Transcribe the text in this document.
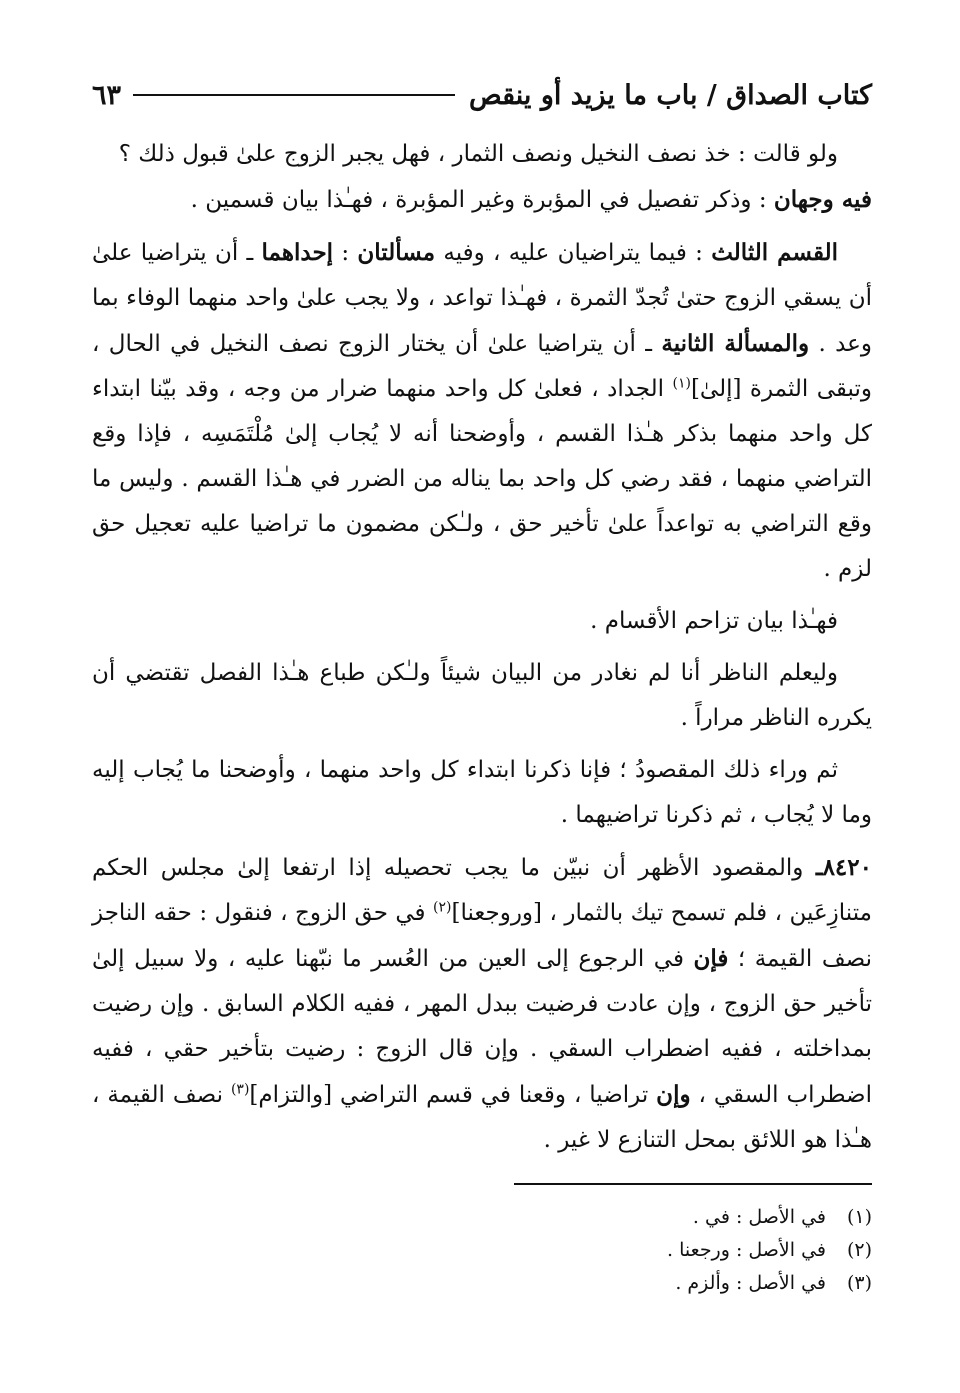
كتاب الصداق / باب ما يزيد أو ينقص
٦٣

ولو قالت : خذ نصف النخيل ونصف الثمار ، فهل يجبر الزوج علىٰ قبول ذلك ؟
فيه وجهان : وذكر تفصيل في المؤبرة وغير المؤبرة ، فهـٰذا بيان قسمين .

القسم الثالث : فيما يتراضيان عليه ، وفيه مسألتان : إحداهما ـ أن يتراضيا علىٰ أن يسقي الزوج حتىٰ تُجدّ الثمرة ، فهـٰذا تواعد ، ولا يجب علىٰ واحد منهما الوفاء بما وعد . والمسألة الثانية ـ أن يتراضيا علىٰ أن يختار الزوج نصف النخيل في الحال ، وتبقى الثمرة [إلىٰ]$^{(١)}$ الجداد ، فعلىٰ كل واحد منهما ضرار من وجه ، وقد بيّنا ابتداء كل واحد منهما بذكر هـٰذا القسم ، وأوضحنا أنه لا يُجاب إلىٰ مُلْتَمَسِه ، فإذا وقع التراضي منهما ، فقد رضي كل واحد بما يناله من الضرر في هـٰذا القسم . وليس ما وقع التراضي به تواعداً علىٰ تأخير حق ، ولـٰكن مضمون ما تراضيا عليه تعجيل حق لزم .

فهـٰذا بيان تزاحم الأقسام .

وليعلم الناظر أنا لم نغادر من البيان شيئاً ولـٰكن طباع هـٰذا الفصل تقتضي أن يكرره الناظر مراراً .

ثم وراء ذلك المقصودُ ؛ فإنا ذكرنا ابتداء كل واحد منهما ، وأوضحنا ما يُجاب إليه وما لا يُجاب ، ثم ذكرنا تراضيهما .

٨٤٢٠ـ والمقصود الأظهر أن نبيّن ما يجب تحصيله إذا ارتفعا إلىٰ مجلس الحكم متنازِعَين ، فلم تسمح تيك بالثمار ، [وروجعنا]$^{(٢)}$ في حق الزوج ، فنقول : حقه الناجز نصف القيمة ؛ فإن في الرجوع إلى العين من العُسر ما نبّهنا عليه ، ولا سبيل إلىٰ تأخير حق الزوج ، وإن عادت فرضيت ببدل المهر ، ففيه الكلام السابق . وإن رضيت بمداخلته ، ففيه اضطراب السقي . وإن قال الزوج : رضيت بتأخير حقي ، ففيه اضطراب السقي ، وإن تراضيا ، وقعنا في قسم التراضي [والتزام]$^{(٣)}$ نصف القيمة ، هـٰذا هو اللائق بمحل التنازع لا غير .

(١)
في الأصل : في .
(٢)
في الأصل : ورجعنا .
(٣)
في الأصل : وألزم .
